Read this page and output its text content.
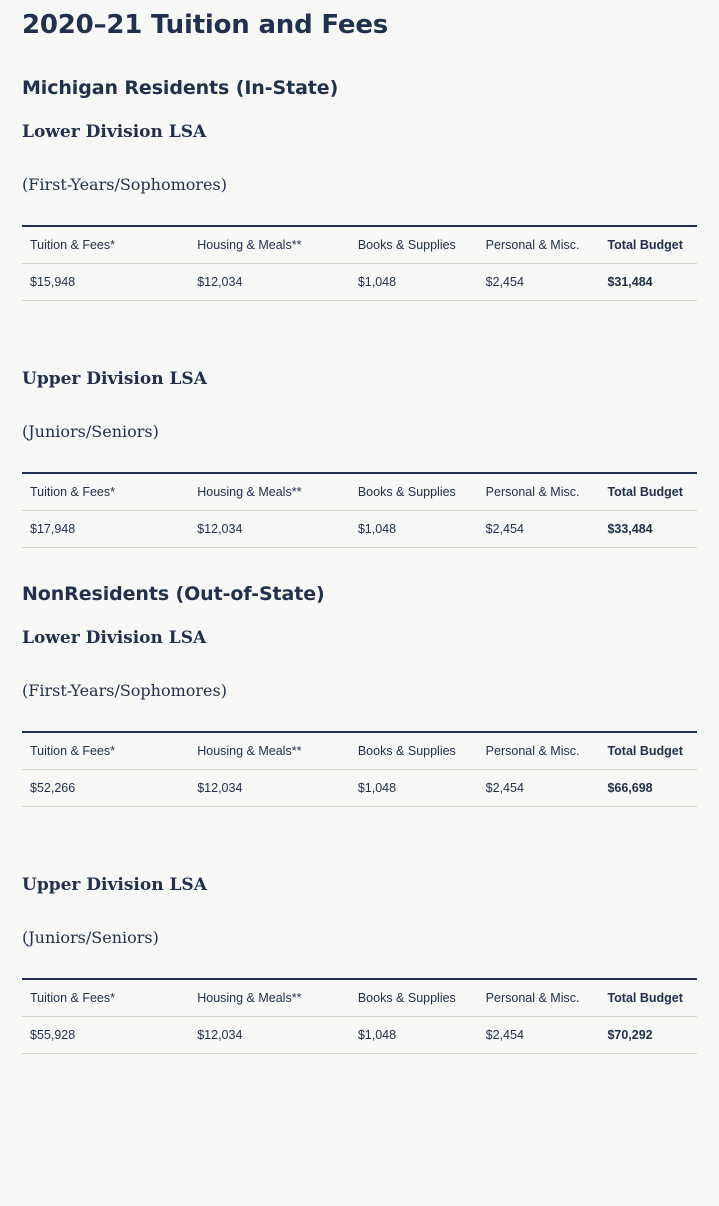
2020–21 Tuition and Fees
Michigan Residents (In-State)
Lower Division LSA

(First-Years/Sophomores)

Tuition & Fees*	Housing & Meals**	Books & Supplies	Personal & Misc.	Total Budget
$15,948	$12,034	$1,048	$2,454	$31,484
Upper Division LSA

(Juniors/Seniors)

Tuition & Fees*	Housing & Meals**	Books & Supplies	Personal & Misc.	Total Budget
$17,948	$12,034	$1,048	$2,454	$33,484
NonResidents (Out-of-State)
Lower Division LSA

(First-Years/Sophomores)

Tuition & Fees*	Housing & Meals**	Books & Supplies	Personal & Misc.	Total Budget
$52,266	$12,034	$1,048	$2,454	$66,698
Upper Division LSA

(Juniors/Seniors)

Tuition & Fees*	Housing & Meals**	Books & Supplies	Personal & Misc.	Total Budget
$55,928	$12,034	$1,048	$2,454	$70,292
